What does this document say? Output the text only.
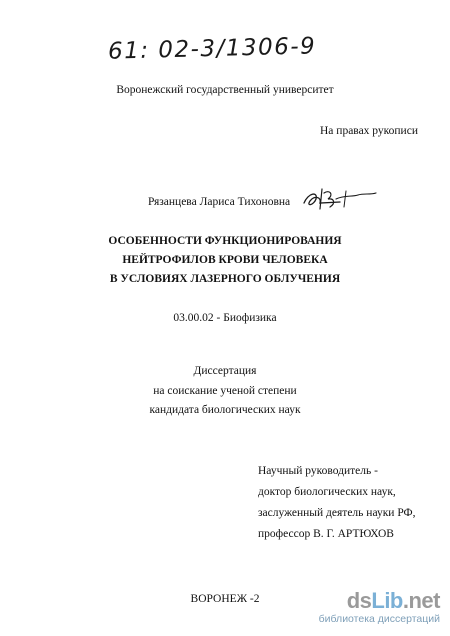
61: 02-3/1306-9
Воронежский государственный университет
На правах рукописи
Рязанцева Лариса Тихоновна
ОСОБЕННОСТИ ФУНКЦИОНИРОВАНИЯ
НЕЙТРОФИЛОВ КРОВИ ЧЕЛОВЕКА
В УСЛОВИЯХ ЛАЗЕРНОГО ОБЛУЧЕНИЯ
03.00.02 - Биофизика
Диссертация
на соискание ученой степени
кандидата биологических наук
Научный руководитель -
доктор биологических наук,
заслуженный деятель науки РФ,
профессор В. Г. АРТЮХОВ
ВОРОНЕЖ -2	dsLib.net
библиотека диссертаций
